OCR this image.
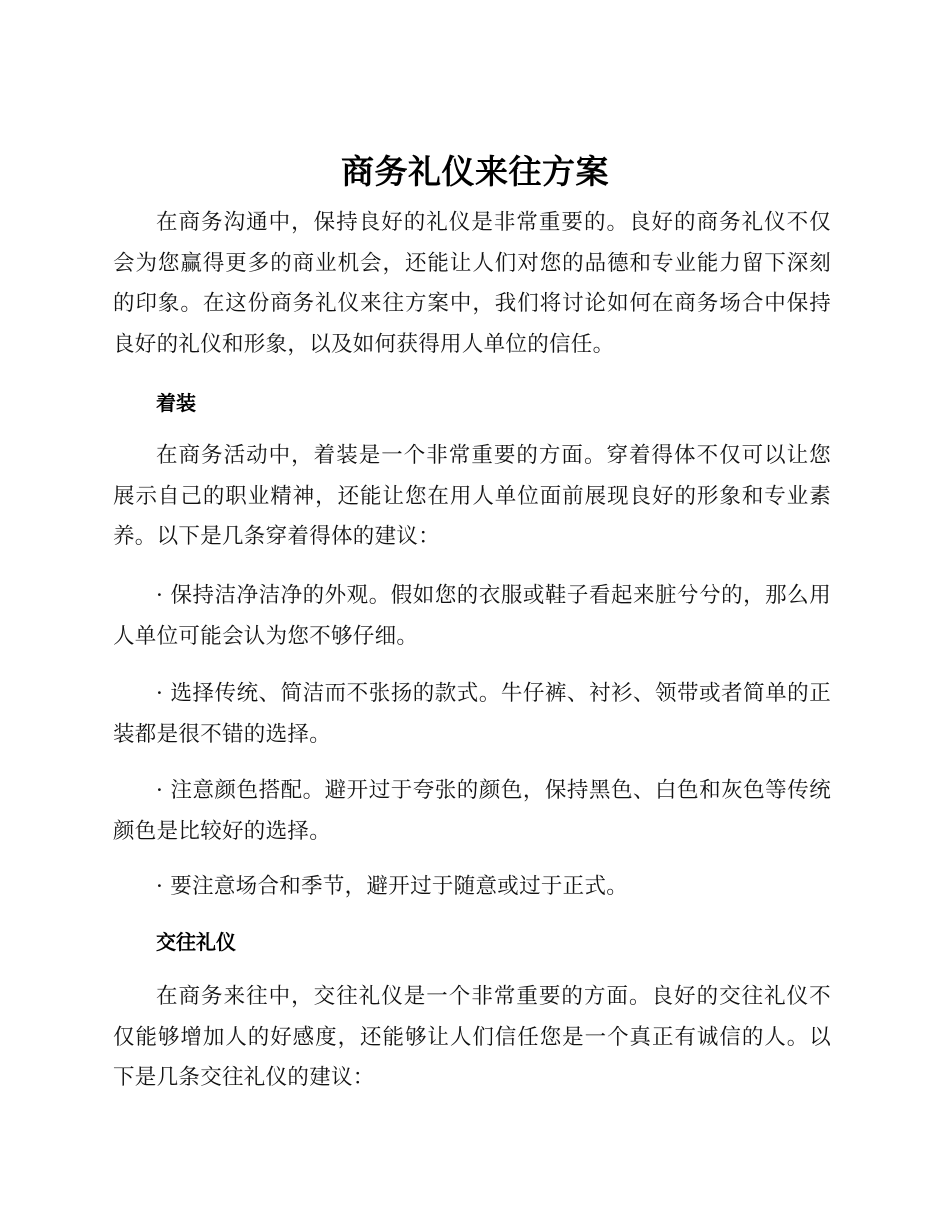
商务礼仪来往方案

在商务沟通中，保持良好的礼仪是非常重要的。良好的商务礼仪不仅会为您赢得更多的商业机会，还能让人们对您的品德和专业能力留下深刻的印象。在这份商务礼仪来往方案中，我们将讨论如何在商务场合中保持良好的礼仪和形象，以及如何获得用人单位的信任。

着装

在商务活动中，着装是一个非常重要的方面。穿着得体不仅可以让您展示自己的职业精神，还能让您在用人单位面前展现良好的形象和专业素养。以下是几条穿着得体的建议：

· 保持洁净洁净的外观。假如您的衣服或鞋子看起来脏兮兮的，那么用人单位可能会认为您不够仔细。

· 选择传统、简洁而不张扬的款式。牛仔裤、衬衫、领带或者简单的正装都是很不错的选择。

· 注意颜色搭配。避开过于夸张的颜色，保持黑色、白色和灰色等传统颜色是比较好的选择。

· 要注意场合和季节，避开过于随意或过于正式。

交往礼仪

在商务来往中，交往礼仪是一个非常重要的方面。良好的交往礼仪不仅能够增加人的好感度，还能够让人们信任您是一个真正有诚信的人。以下是几条交往礼仪的建议：
